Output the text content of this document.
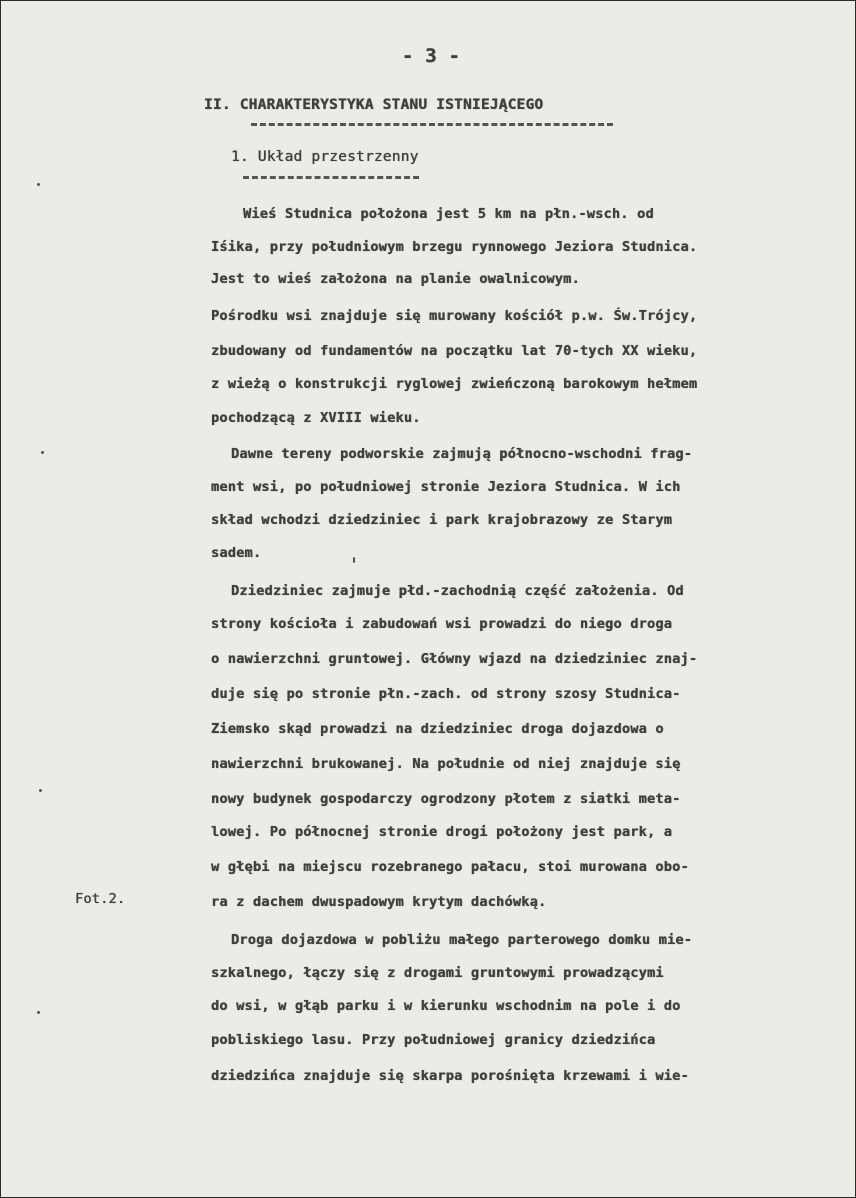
- 3 -
II. CHARAKTERYSTYKA STANU ISTNIEJĄCEGO
1. Układ przestrzenny
Wieś Studnica położona jest 5 km na płn.-wsch. od
Iśika, przy południowym brzegu rynnowego Jeziora Studnica.
Jest to wieś założona na planie owalnicowym.
Pośrodku wsi znajduje się murowany kościół p.w. Św.Trójcy,
zbudowany od fundamentów na początku lat 70-tych XX wieku,
z wieżą o konstrukcji ryglowej zwieńczoną barokowym hełmem
pochodzącą z XVIII wieku.
Dawne tereny podworskie zajmują północno-wschodni frag-
ment wsi, po południowej stronie Jeziora Studnica. W ich
skład wchodzi dziedziniec i park krajobrazowy ze Starym
sadem.
Dziedziniec zajmuje płd.-zachodnią część założenia. Od
strony kościoła i zabudowań wsi prowadzi do niego droga
o nawierzchni gruntowej. Główny wjazd na dziedziniec znaj-
duje się po stronie płn.-zach. od strony szosy Studnica-
Ziemsko skąd prowadzi na dziedziniec droga dojazdowa o
nawierzchni brukowanej. Na południe od niej znajduje się
nowy budynek gospodarczy ogrodzony płotem z siatki meta-
lowej. Po północnej stronie drogi położony jest park, a
w głębi na miejscu rozebranego pałacu, stoi murowana obo-
ra z dachem dwuspadowym krytym dachówką.
Fot.2.
Droga dojazdowa w pobliżu małego parterowego domku mie-
szkalnego, łączy się z drogami gruntowymi prowadzącymi
do wsi, w głąb parku i w kierunku wschodnim na pole i do
pobliskiego lasu. Przy południowej granicy dziedzińca
dziedzińca znajduje się skarpa porośnięta krzewami i wie-
